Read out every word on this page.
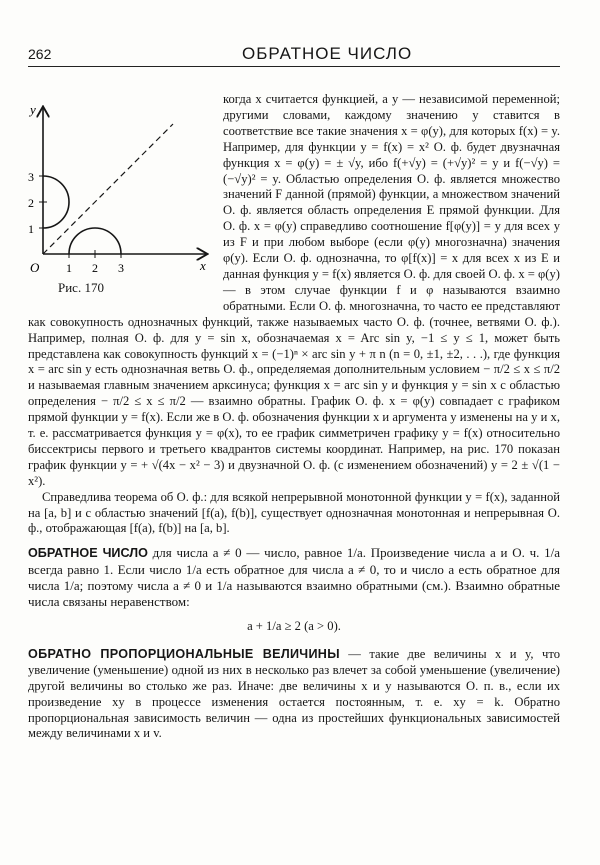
262	ОБРАТНОЕ ЧИСЛО

y
x
O
1
2
3
1 2 3
Рис. 170
когда x считается функцией, а y — независимой переменной; другими словами, каждому значению y ставится в соответствие все такие значения x = φ(y), для которых f(x) = y. Например, для функции y = f(x) = x² О. ф. будет двузначная функция x = φ(y) = ± √y, ибо f(+√y) = (+√y)² = y и f(−√y) = (−√y)² = y. Областью определения О. ф. является множество значений F данной (прямой) функции, а множеством значений О. ф. является область определения E прямой функции. Для О. ф. x = φ(y) справедливо соотношение f[φ(y)] = y для всех y из F и при любом выборе (если φ(y) многозначна) значения φ(y). Если О. ф. однозначна, то φ[f(x)] = x для всех x из E и данная функция y = f(x) является О. ф. для своей О. ф. x = φ(y) — в этом случае функции f и φ называются взаимно обратными. Если О. ф. многозначна, то часто ее представляют как совокупность однозначных функций, также называемых часто О. ф. (точнее, ветвями О. ф.). Например, полная О. ф. для y = sin x, обозначаемая x = Arc sin y, −1 ≤ y ≤ 1, может быть представлена как совокупность функций x = (−1)ⁿ × arc sin y + π n (n = 0, ±1, ±2, . . .), где функция x = arc sin y есть однозначная ветвь О. ф., определяемая дополнительным условием − π/2 ≤ x ≤ π/2 и называемая главным значением арксинуса; функция x = arc sin y и функция y = sin x с областью определения − π/2 ≤ x ≤ π/2 — взаимно обратны. График О. ф. x = φ(y) совпадает с графиком прямой функции y = f(x). Если же в О. ф. обозначения функции x и аргумента y изменены на y и x, т. е. рассматривается функция y = φ(x), то ее график симметричен графику y = f(x) относительно биссектрисы первого и третьего квадрантов системы координат. Например, на рис. 170 показан график функции y = + √(4x − x² − 3) и двузначной О. ф. (с изменением обозначений) y = 2 ± √(1 − x²).

Справедлива теорема об О. ф.: для всякой непрерывной монотонной функции y = f(x), заданной на [a, b] и с областью значений [f(a), f(b)], существует однозначная монотонная и непрерывная О. ф., отображающая [f(a), f(b)] на [a, b].

ОБРАТНОЕ ЧИСЛО для числа a ≠ 0 — число, равное 1/a. Произведение числа a и О. ч. 1/a всегда равно 1. Если число 1/a есть обратное для числа a ≠ 0, то и число a есть обратное для числа 1/a; поэтому числа a ≠ 0 и 1/a называются взаимно обратными (см.). Взаимно обратные числа связаны неравенством:

a + 1/a ≥ 2 (a > 0).

ОБРАТНО ПРОПОРЦИОНАЛЬНЫЕ ВЕЛИЧИНЫ — такие две величины x и y, что увеличение (уменьшение) одной из них в несколько раз влечет за собой уменьшение (увеличение) другой величины во столько же раз. Иначе: две величины x и y называются О. п. в., если их произведение xy в процессе изменения остается постоянным, т. е. xy = k. Обратно пропорциональная зависимость величин — одна из простейших функциональных зависимостей между величинами x и v.
